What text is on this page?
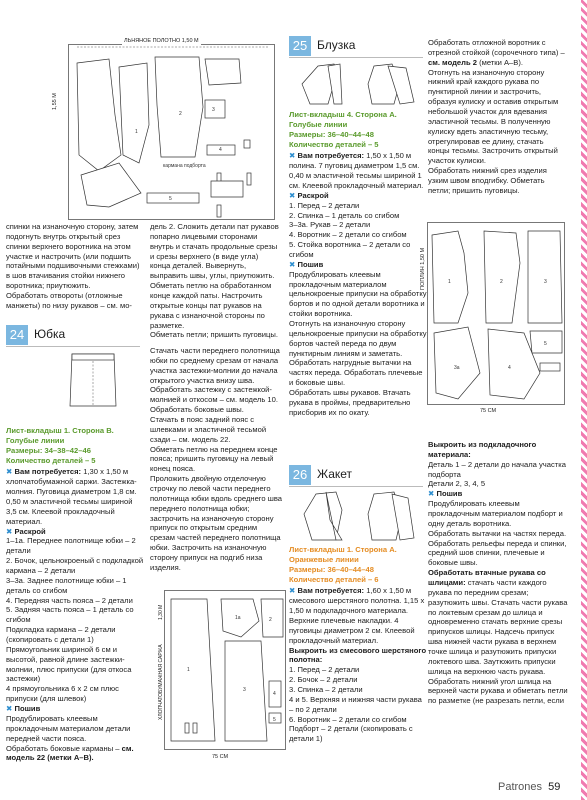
1
2
3
4
5
кармана подборта
ЛЬНЯНОЕ ПОЛОТНО 1,50 М
1,55 М
спинки на изнаночную сторону, затем подогнуть внутрь открытый срез спинки верхнего воротника на этом участке и настрочить (или подшить потайными подшивочными стежками) в шов втачивания стойки нижнего воротника; приутюжить.
Обработать отвороты (отложные манжеты) по низу рукавов – см. мо-
дель 2. Сложить детали пат рукавов попарно лицевыми сторонами внутрь и стачать продольные срезы и срезы верхнего (в виде угла) конца деталей. Вывернуть, выправить швы, углы, приутюжить. Обметать петлю на обработанном конце каждой паты. Настрочить открытые концы пат рукавов на рукава с изнаночной стороны по разметке.
Обметать петли; пришить пуговицы.
25 Блузка

Лист-вкладыш 4. Сторона А.

Голубые линии

Размеры: 36–40–44–48

Количество деталей – 5

✖ Вам потребуется: 1,50 х 1,50 м полина. 7 пуговиц диаметром 1,5 см. 0,40 м эластичной тесьмы шириной 1 см. Клеевой прокладочный материал.

✖ Раскрой

1. Перед – 2 детали

2. Спинка – 1 деталь со сгибом

3–3а. Рукав – 2 детали

4. Воротник – 2 детали со сгибом

5. Стойка воротника – 2 детали со сгибом

✖ Пошив

Продублировать клеевым прокладочным материалом цельнокроеные припуски на обработку бортов и по одной детали воротника и стойки воротника.
Отогнуть на изнаночную сторону цельнокроеные припуски на обработку бортов частей переда по двум пунктирным линиям и заметать.
Обработать нагрудные вытачки на частях переда. Обработать плечевые и боковые швы.
Обработать швы рукавов. Втачать рукава в проймы, предварительно присборив их по окату.

Обработать отложной воротник с отрезной стойкой (сорочечного типа) – см. модель 2 (метки А–В).
Отогнуть на изнаночную сторону нижний край каждого рукава по пунктирной линии и застрочить, образуя кулиску и оставив открытым небольшой участок для вдевания эластичной тесьмы. В полученную кулиску вдеть эластичную тесьму, отрегулировав ее длину, стачать концы тесьмы. Застрочить открытый участок кулиски.
Обработать нижний срез изделия узким швом вподгибку. Обметать петли; пришить пуговицы.
1	2	3
3а	4
5
ПОПЛИН 1,50 М
75 СМ
24 Юбка

Лист-вкладыш 1. Сторона В.

Голубые линии

Размеры: 34–38–42–46

Количество деталей – 5

✖ Вам потребуется: 1,30 х 1,50 м хлопчатобумажной саржи. Застежка-молния. Пуговица диаметром 1,8 см. 0,50 м эластичной тесьмы шириной 3,5 см. Клеевой прокладочный материал.

✖ Раскрой

1–1а. Переднее полотнище юбки – 2 детали

2. Бочок, цельнокроеный с подкладкой кармана – 2 детали

3–3а. Заднее полотнище юбки – 1 деталь со сгибом

4. Передняя часть пояса – 2 детали

5. Задняя часть пояса – 1 деталь со сгибом

Подкладка кармана – 2 детали (скопировать с детали 1)

Прямоугольник шириной 6 см и высотой, равной длине застежки-молнии, плюс припуски (для откоса застежки)

4 прямоугольника 6 х 2 см плюс припуски (для шлевок)

✖ Пошив

Продублировать клеевым прокладочным материалом детали передней части пояса.
Обработать боковые карманы – см. модель 22 (метки А–В).

Стачать части переднего полотнища юбки по среднему срезам от начала участка застежки-молнии до начала открытого участка внизу шва. Обработать застежку с застежкой-молнией и откосом – см. модель 10. Обработать боковые швы.
Стачать в пояс задний пояс с шлевками и эластичной тесьмой сзади – см. модель 22.
Обметать петлю на переднем конце пояса; пришить пуговицу на левый конец пояса.
Проложить двойную отделочную строчку по левой части переднего полотнища юбки вдоль среднего шва переднего полотнища юбки; застрочить на изнаночную сторону припуск по открытым средним срезам частей переднего полотнища юбки. Застрочить на изнаночную сторону припуск на подгиб низа изделия.
1
1а
3
2
4
5
ХЛОПЧАТОБУМАЖНАЯ САРЖА
1,30 М
75 СМ
26 Жакет

Лист-вкладыш 1. Сторона А.

Оранжевые линии

Размеры: 36–40–44–48

Количество деталей – 6

✖ Вам потребуется: 1,60 х 1,50 м смесового шерстяного полотна. 1,15 х 1,50 м подкладочного материала. Верхние плечевые накладки. 4 пуговицы диаметром 2 см. Клеевой прокладочный материал.

Выкроить из смесового шерстяного полотна:

1. Перед – 2 детали

2. Бочок – 2 детали

3. Спинка – 2 детали

4 и 5. Верхняя и нижняя части рукава – по 2 детали

6. Воротник – 2 детали со сгибом

Подборт – 2 детали (скопировать с детали 1)

Выкроить из подкладочного материала:

Деталь 1 – 2 детали до начала участка подборта
Детали 2, 3, 4, 5

✖ Пошив

Продублировать клеевым прокладочным материалом подборт и одну деталь воротника.
Обработать вытачки на частях переда. Обработать рельефы переда и спинки, средний шов спинки, плечевые и боковые швы.

Обработать втачные рукава со шлицами: стачать части каждого рукава по передним срезам; разутюжить швы. Стачать части рукава по локтевым срезам до шлица и одновременно стачать верхние срезы припусков шлицы. Надсечь припуск шва нижней части рукава в верхнем точке шлица и разутюжить припуски локтевого шва. Заутюжить припуски шлица на верхнюю часть рукава. Обработать нижний угол шлица на верхней части рукава и обметать петли по разметке (не разрезать петли, если

Patrones 59
